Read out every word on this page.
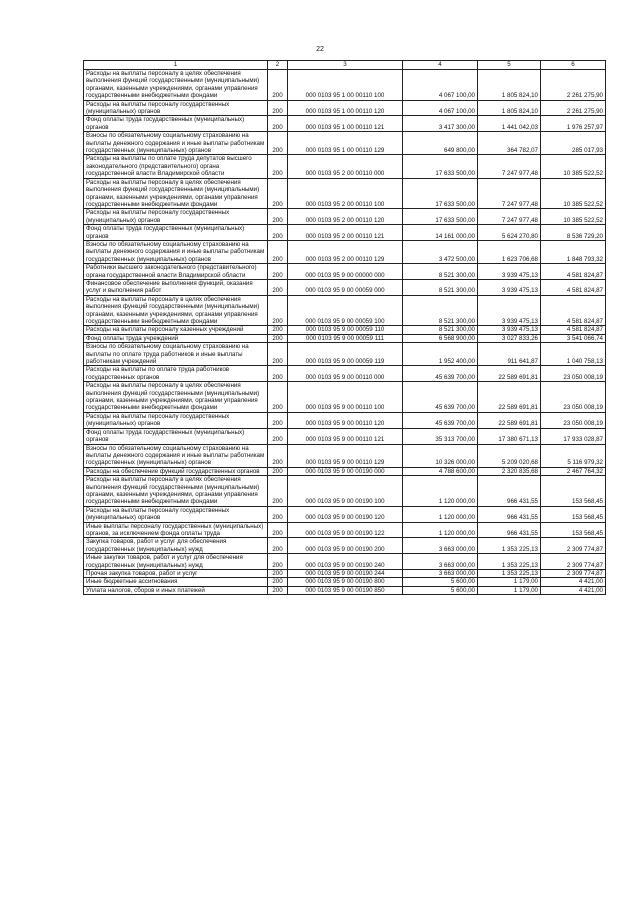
22
1	2	3	4	5	6
Расходы на выплаты персоналу в целях обеспечения выполнения функций государственными (муниципальными) органами, казенными учреждениями, органами управления государственными внебюджетными фондами	200	000 0103 95 1 00 00110 100	4 067 100,00	1 805 824,10	2 261 275,90
Расходы на выплаты персоналу государственных (муниципальных) органов	200	000 0103 95 1 00 00110 120	4 067 100,00	1 805 824,10	2 261 275,90
Фонд оплаты труда государственных (муниципальных) органов	200	000 0103 95 1 00 00110 121	3 417 300,00	1 441 042,03	1 976 257,97
Взносы по обязательному социальному страхованию на выплаты денежного содержания и иные выплаты работникам государственных (муниципальных) органов	200	000 0103 95 1 00 00110 129	649 800,00	364 782,07	285 017,93
Расходы на выплаты по оплате труда депутатов высшего законодательного (представительного) органа государственной власти Владимирской области	200	000 0103 95 2 00 00110 000	17 633 500,00	7 247 977,48	10 385 522,52
Расходы на выплаты персоналу в целях обеспечения выполнения функций государственными (муниципальными) органами, казенными учреждениями, органами управления государственными внебюджетными фондами	200	000 0103 95 2 00 00110 100	17 633 500,00	7 247 977,48	10 385 522,52
Расходы на выплаты персоналу государственных (муниципальных) органов	200	000 0103 95 2 00 00110 120	17 633 500,00	7 247 977,48	10 385 522,52
Фонд оплаты труда государственных (муниципальных) органов	200	000 0103 95 2 00 00110 121	14 161 000,00	5 624 270,80	8 536 729,20
Взносы по обязательному социальному страхованию на выплаты денежного содержания и иные выплаты работникам государственных (муниципальных) органов	200	000 0103 95 2 00 00110 129	3 472 500,00	1 623 706,68	1 848 793,32
Работники высшего законодательного (представительного) органа государственной власти Владимирской области	200	000 0103 95 9 00 00000 000	8 521 300,00	3 939 475,13	4 581 824,87
Финансовое обеспечение выполнения функций, оказания услуг и выполнения работ	200	000 0103 95 9 00 00059 000	8 521 300,00	3 939 475,13	4 581 824,87
Расходы на выплаты персоналу в целях обеспечения выполнения функций государственными (муниципальными) органами, казенными учреждениями, органами управления государственными внебюджетными фондами	200	000 0103 95 9 00 00059 100	8 521 300,00	3 939 475,13	4 581 824,87
Расходы на выплаты персоналу казенных учреждений	200	000 0103 95 9 00 00059 110	8 521 300,00	3 939 475,13	4 581 824,87
Фонд оплаты труда учреждений	200	000 0103 95 9 00 00059 111	6 568 900,00	3 027 833,26	3 541 066,74
Взносы по обязательному социальному страхованию на выплаты по оплате труда работников и иные выплаты работникам учреждений	200	000 0103 95 9 00 00059 119	1 952 400,00	911 641,87	1 040 758,13
Расходы на выплаты по оплате труда работников государственных органов	200	000 0103 95 9 00 00110 000	45 639 700,00	22 589 691,81	23 050 008,19
Расходы на выплаты персоналу в целях обеспечения выполнения функций государственными (муниципальными) органами, казенными учреждениями, органами управления государственными внебюджетными фондами	200	000 0103 95 9 00 00110 100	45 639 700,00	22 589 691,81	23 050 008,19
Расходы на выплаты персоналу государственных (муниципальных) органов	200	000 0103 95 9 00 00110 120	45 639 700,00	22 589 691,81	23 050 008,19
Фонд оплаты труда государственных (муниципальных) органов	200	000 0103 95 9 00 00110 121	35 313 700,00	17 380 671,13	17 933 028,87
Взносы по обязательному социальному страхованию на выплаты денежного содержания и иные выплаты работникам государственных (муниципальных) органов	200	000 0103 95 9 00 00110 129	10 326 000,00	5 209 020,68	5 116 979,32
Расходы на обеспечение функций государственных органов	200	000 0103 95 9 00 00190 000	4 788 600,00	2 320 835,68	2 467 764,32
Расходы на выплаты персоналу в целях обеспечения выполнения функций государственными (муниципальными) органами, казенными учреждениями, органами управления государственными внебюджетными фондами	200	000 0103 95 9 00 00190 100	1 120 000,00	966 431,55	153 568,45
Расходы на выплаты персоналу государственных (муниципальных) органов	200	000 0103 95 9 00 00190 120	1 120 000,00	966 431,55	153 568,45
Иные выплаты персоналу государственных (муниципальных) органов, за исключением фонда оплаты труда	200	000 0103 95 9 00 00190 122	1 120 000,00	966 431,55	153 568,45
Закупка товаров, работ и услуг для обеспечения государственных (муниципальных) нужд	200	000 0103 95 9 00 00190 200	3 663 000,00	1 353 225,13	2 309 774,87
Иные закупки товаров, работ и услуг для обеспечения государственных (муниципальных) нужд	200	000 0103 95 9 00 00190 240	3 663 000,00	1 353 225,13	2 309 774,87
Прочая закупка товаров, работ и услуг	200	000 0103 95 9 00 00190 244	3 663 000,00	1 353 225,13	2 309 774,87
Иные бюджетные ассигнования	200	000 0103 95 9 00 00190 800	5 600,00	1 179,00	4 421,00
Уплата налогов, сборов и иных платежей	200	000 0103 95 9 00 00190 850	5 600,00	1 179,00	4 421,00
